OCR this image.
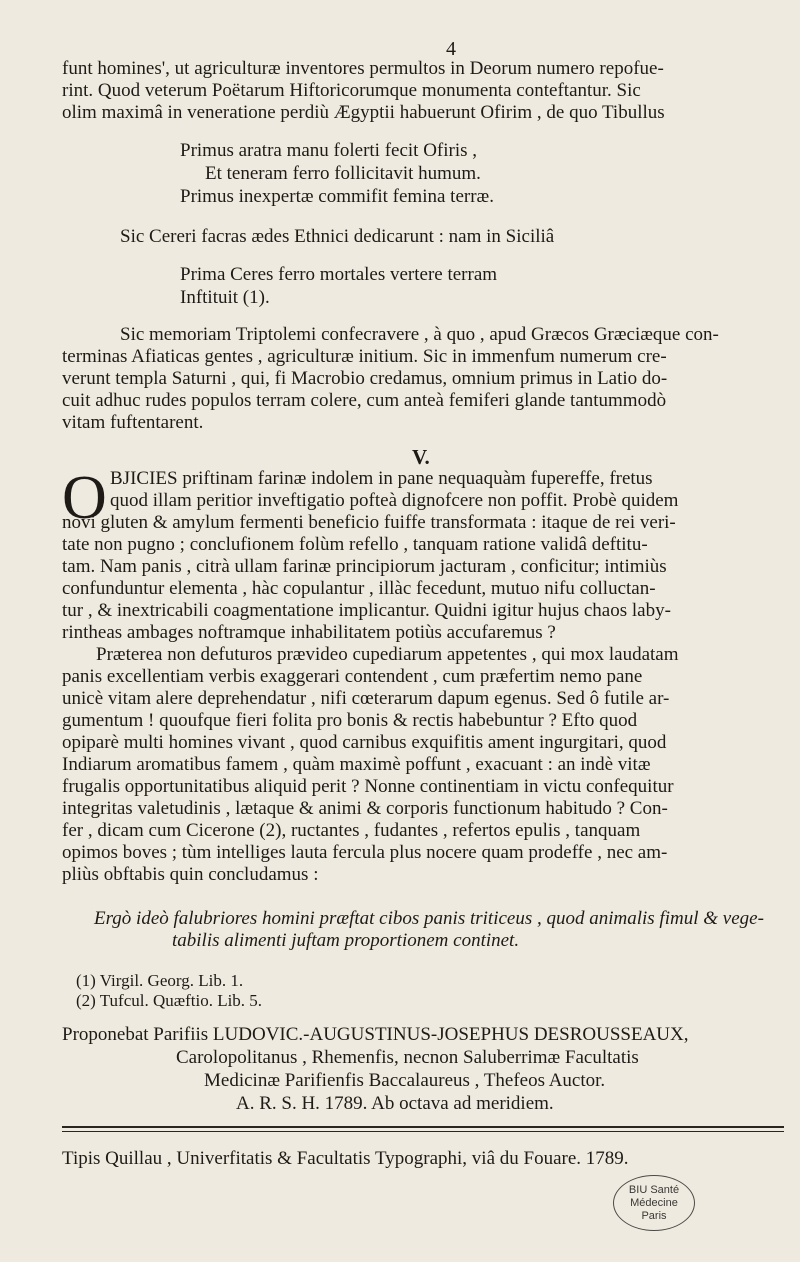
4
funt homines', ut agriculturæ inventores permultos in Deorum numero repofue-
rint. Quod veterum Poëtarum Hiftoricorumque monumenta conteftantur. Sic
olim maximâ in veneratione perdiù Ægyptii habuerunt Ofirim , de quo Tibullus
Primus aratra manu folerti fecit Ofiris ,
Et teneram ferro follicitavit humum.
Primus inexpertæ commifit femina terræ.
Sic Cereri facras ædes Ethnici dedicarunt : nam in Siciliâ
Prima Ceres ferro mortales vertere terram
Inftituit (1).
Sic memoriam Triptolemi confecravere , à quo , apud Græcos Græciæque con-
terminas Afiaticas gentes , agriculturæ initium. Sic in immenfum numerum cre-
verunt templa Saturni , qui, fi Macrobio credamus, omnium primus in Latio do-
cuit adhuc rudes populos terram colere, cum anteà femiferi glande tantummodò
vitam fuftentarent.
V.
O BJICIES priftinam farinæ indolem in pane nequaquàm fupereffe, fretus
quod illam peritior inveftigatio pofteà dignofcere non poffit. Probè quidem
novi gluten & amylum fermenti beneficio fuiffe transformata : itaque de rei veri-
tate non pugno ; conclufionem folùm refello , tanquam ratione validâ deftitu-
tam. Nam panis , citrà ullam farinæ principiorum jacturam , conficitur; intimiùs
confunduntur elementa , hàc copulantur , illàc fecedunt, mutuo nifu colluctan-
tur , & inextricabili coagmentatione implicantur. Quidni igitur hujus chaos laby-
rintheas ambages noftramque inhabilitatem potiùs accufaremus ?
Præterea non defuturos prævideo cupediarum appetentes , qui mox laudatam
panis excellentiam verbis exaggerari contendent , cum præfertim nemo pane
unicè vitam alere deprehendatur , nifi cœterarum dapum egenus. Sed ô futile ar-
gumentum ! quoufque fieri folita pro bonis & rectis habebuntur ? Efto quod
opiparè multi homines vivant , quod carnibus exquifitis ament ingurgitari, quod
Indiarum aromatibus famem , quàm maximè poffunt , exacuant : an indè vitæ
frugalis opportunitatibus aliquid perit ? Nonne continentiam in victu confequitur
integritas valetudinis , lætaque & animi & corporis functionum habitudo ? Con-
fer , dicam cum Cicerone (2), ructantes , fudantes , refertos epulis , tanquam
opimos boves ; tùm intelliges lauta fercula plus nocere quam prodeffe , nec am-
pliùs obftabis quin concludamus :
Ergò ideò falubriores homini præftat cibos panis triticeus , quod animalis fimul & vege-
tabilis alimenti juftam proportionem continet.
(1) Virgil. Georg. Lib. 1.
(2) Tufcul. Quæftio. Lib. 5.
Proponebat Parifiis LUDOVIC.-AUGUSTINUS-JOSEPHUS DESROUSSEAUX,
Carolopolitanus , Rhemenfis, necnon Saluberrimæ Facultatis
Medicinæ Parifienfis Baccalaureus , Thefeos Auctor.
A. R. S. H. 1789. Ab octava ad meridiem.
Tipis Quillau , Univerfitatis & Facultatis Typographi, viâ du Fouare. 1789.
BIU Santé
Médecine
Paris
